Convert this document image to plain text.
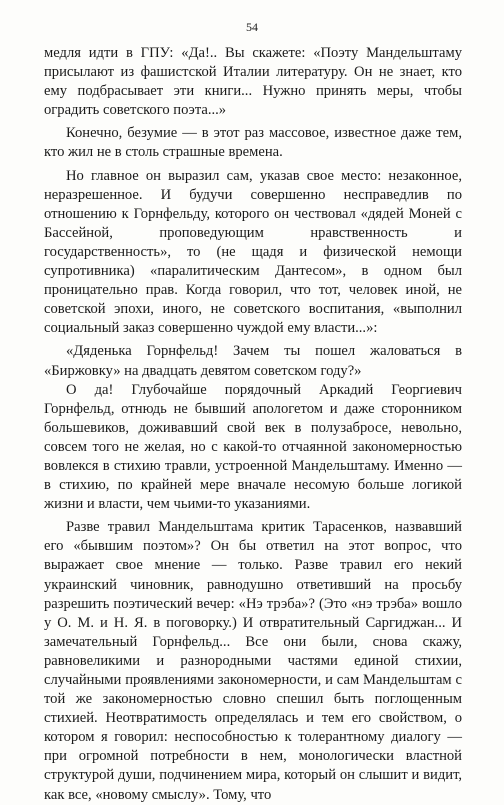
54

медля идти в ГПУ: «Да!.. Вы скажете: «Поэту Мандельштаму присылают из фашистской Италии литературу. Он не знает, кто ему подбрасывает эти книги... Нужно принять меры, чтобы оградить советского поэта...»

Конечно, безумие — в этот раз массовое, известное даже тем, кто жил не в столь страшные времена.

Но главное он выразил сам, указав свое место: незаконное, неразрешенное. И будучи совершенно несправедлив по отношению к Горнфельду, которого он чествовал «дядей Моней с Бассейной, проповедующим нравственность и государственность», то (не щадя и физической немощи супротивника) «паралитическим Дантесом», в одном был проницательно прав. Когда говорил, что тот, человек иной, не советской эпохи, иного, не советского воспитания, «выполнил социальный заказ совершенно чуждой ему власти...»:

«Дяденька Горнфельд! Зачем ты пошел жаловаться в «Биржовку» на двадцать девятом советском году?»

О да! Глубочайше порядочный Аркадий Георгиевич Горнфельд, отнюдь не бывший апологетом и даже сторонником большевиков, доживавший свой век в полузабросе, невольно, совсем того не желая, но с какой-то отчаянной закономерностью вовлекся в стихию травли, устроенной Мандельштаму. Именно — в стихию, по крайней мере вначале несомую больше логикой жизни и власти, чем чьими-то указаниями.

Разве травил Мандельштама критик Тарасенков, назвавший его «бывшим поэтом»? Он бы ответил на этот вопрос, что выражает свое мнение — только. Разве травил его некий украинский чиновник, равнодушно ответивший на просьбу разрешить поэтический вечер: «Нэ трэба»? (Это «нэ трэба» вошло у О. М. и Н. Я. в поговорку.) И отвратительный Саргиджан... И замечательный Горнфельд... Все они были, снова скажу, равновеликими и разнородными частями единой стихии, случайными проявлениями закономерности, и сам Мандельштам с той же закономерностью словно спешил быть поглощенным стихией. Неотвратимость определялась и тем его свойством, о котором я говорил: неспособностью к толерантному диалогу — при огромной потребности в нем, монологически властной структурой души, подчинением мира, который он слышит и видит, как все, «новому смыслу». Тому, что
